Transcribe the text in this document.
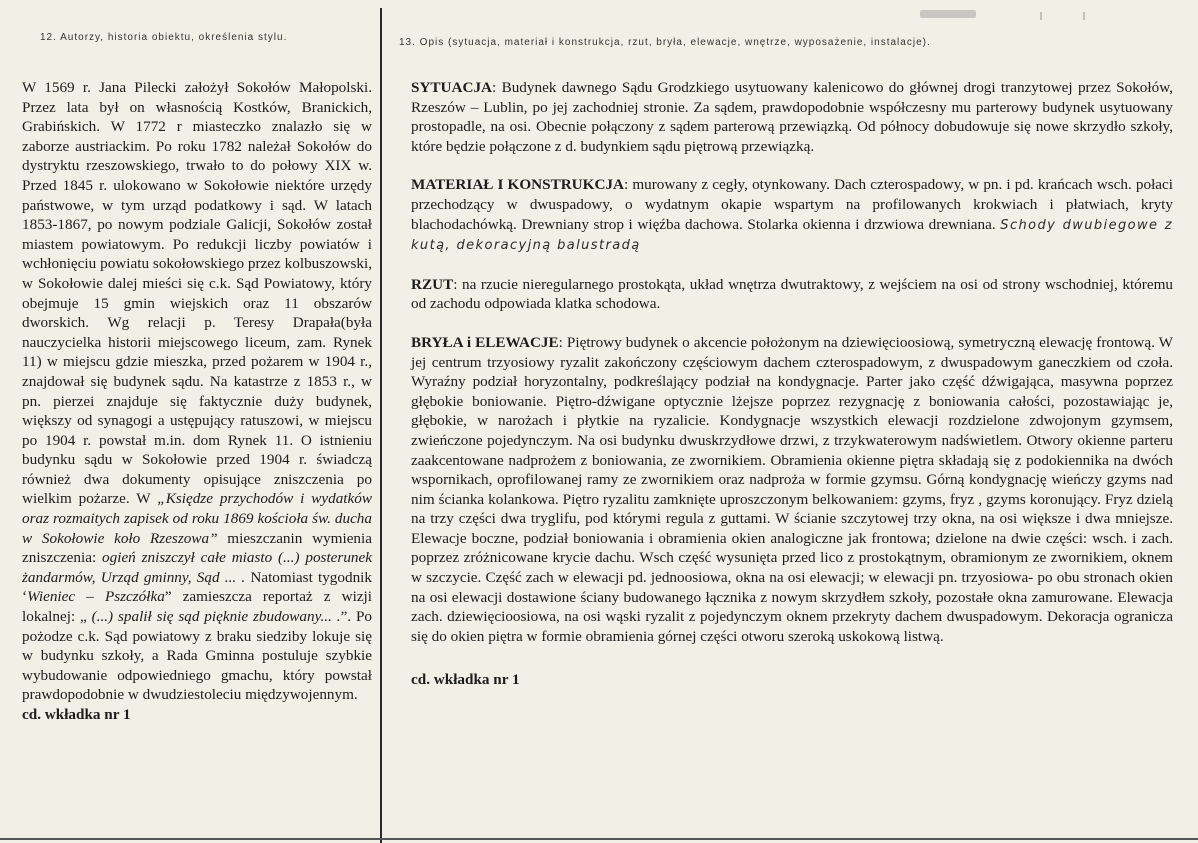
12. Autorzy, historia obiektu, określenia stylu.

W 1569 r. Jana Pilecki założył Sokołów Małopolski. Przez lata był on własnością Kostków, Branickich, Grabińskich. W 1772 r miasteczko znalazło się w zaborze austriackim. Po roku 1782 należał Sokołów do dystryktu rzeszowskiego, trwało to do połowy XIX w. Przed 1845 r. ulokowano w Sokołowie niektóre urzędy państwowe, w tym urząd podatkowy i sąd. W latach 1853-1867, po nowym podziale Galicji, Sokołów został miastem powiatowym. Po redukcji liczby powiatów i wchłonięciu powiatu sokołowskiego przez kolbuszowski, w Sokołowie dalej mieści się c.k. Sąd Powiatowy, który obejmuje 15 gmin wiejskich oraz 11 obszarów dworskich. Wg relacji p. Teresy Drapała(była nauczycielka historii miejscowego liceum, zam. Rynek 11) w miejscu gdzie mieszka, przed pożarem w 1904 r., znajdował się budynek sądu. Na katastrze z 1853 r., w pn. pierzei znajduje się faktycznie duży budynek, większy od synagogi a ustępujący ratuszowi, w miejscu po 1904 r. powstał m.in. dom Rynek 11. O istnieniu budynku sądu w Sokołowie przed 1904 r. świadczą również dwa dokumenty opisujące zniszczenia po wielkim pożarze. W „Księdze przychodów i wydatków oraz rozmaitych zapisek od roku 1869 kościoła św. ducha w Sokołowie koło Rzeszowa” mieszczanin wymienia zniszczenia: ogień zniszczył całe miasto (...) posterunek żandarmów, Urząd gminny, Sąd ... . Natomiast tygodnik ‘Wieniec – Pszczółka” zamieszcza reportaż z wizji lokalnej: „ (...) spalił się sąd pięknie zbudowany... .”. Po pożodze c.k. Sąd powiatowy z braku siedziby lokuje się w budynku szkoły, a Rada Gminna postuluje szybkie wybudowanie odpowiedniego gmachu, który powstał prawdopodobnie w dwudziestoleciu międzywojennym.

cd. wkładka nr 1

13. Opis (sytuacja, materiał i konstrukcja, rzut, bryła, elewacje, wnętrze, wyposażenie, instalacje).

SYTUACJA: Budynek dawnego Sądu Grodzkiego usytuowany kalenicowo do głównej drogi tranzytowej przez Sokołów, Rzeszów – Lublin, po jej zachodniej stronie. Za sądem, prawdopodobnie współczesny mu parterowy budynek usytuowany prostopadle, na osi. Obecnie połączony z sądem parterową przewiązką. Od północy dobudowuje się nowe skrzydło szkoły, które będzie połączone z d. budynkiem sądu piętrową przewiązką.

MATERIAŁ I KONSTRUKCJA: murowany z cegły, otynkowany. Dach czterospadowy, w pn. i pd. krańcach wsch. połaci przechodzący w dwuspadowy, o wydatnym okapie wspartym na profilowanych krokwiach i płatwiach, kryty blachodachówką. Drewniany strop i więźba dachowa. Stolarka okienna i drzwiowa drewniana. Schody dwubiegowe z kutą, dekoracyjną balustradą

RZUT: na rzucie nieregularnego prostokąta, układ wnętrza dwutraktowy, z wejściem na osi od strony wschodniej, któremu od zachodu odpowiada klatka schodowa.

BRYŁA i ELEWACJE: Piętrowy budynek o akcencie położonym na dziewięcioosiową, symetryczną elewację frontową. W jej centrum trzyosiowy ryzalit zakończony częściowym dachem czterospadowym, z dwuspadowym ganeczkiem od czoła. Wyraźny podział horyzontalny, podkreślający podział na kondygnacje. Parter jako część dźwigająca, masywna poprzez głębokie boniowanie. Piętro-dźwigane optycznie lżejsze poprzez rezygnację z boniowania całości, pozostawiając je, głębokie, w narożach i płytkie na ryzalicie. Kondygnacje wszystkich elewacji rozdzielone zdwojonym gzymsem, zwieńczone pojedynczym. Na osi budynku dwuskrzydłowe drzwi, z trzykwaterowym nadświetlem. Otwory okienne parteru zaakcentowane nadprożem z boniowania, ze zwornikiem. Obramienia okienne piętra składają się z podokiennika na dwóch wspornikach, oprofilowanej ramy ze zwornikiem oraz nadproża w formie gzymsu. Górną kondygnację wieńczy gzyms nad nim ścianka kolankowa. Piętro ryzalitu zamknięte uproszczonym belkowaniem: gzyms, fryz , gzyms koronujący. Fryz dzielą na trzy części dwa tryglifu, pod którymi regula z guttami. W ścianie szczytowej trzy okna, na osi większe i dwa mniejsze. Elewacje boczne, podział boniowania i obramienia okien analogiczne jak frontowa; dzielone na dwie części: wsch. i zach. poprzez zróżnicowane krycie dachu. Wsch część wysunięta przed lico z prostokątnym, obramionym ze zwornikiem, oknem w szczycie. Część zach w elewacji pd. jednoosiowa, okna na osi elewacji; w elewacji pn. trzyosiowa- po obu stronach okien na osi elewacji dostawione ściany budowanego łącznika z nowym skrzydłem szkoły, pozostałe okna zamurowane. Elewacja zach. dziewięcioosiowa, na osi wąski ryzalit z pojedynczym oknem przekryty dachem dwuspadowym. Dekoracja ogranicza się do okien piętra w formie obramienia górnej części otworu szeroką uskokową listwą.

cd. wkładka nr 1
